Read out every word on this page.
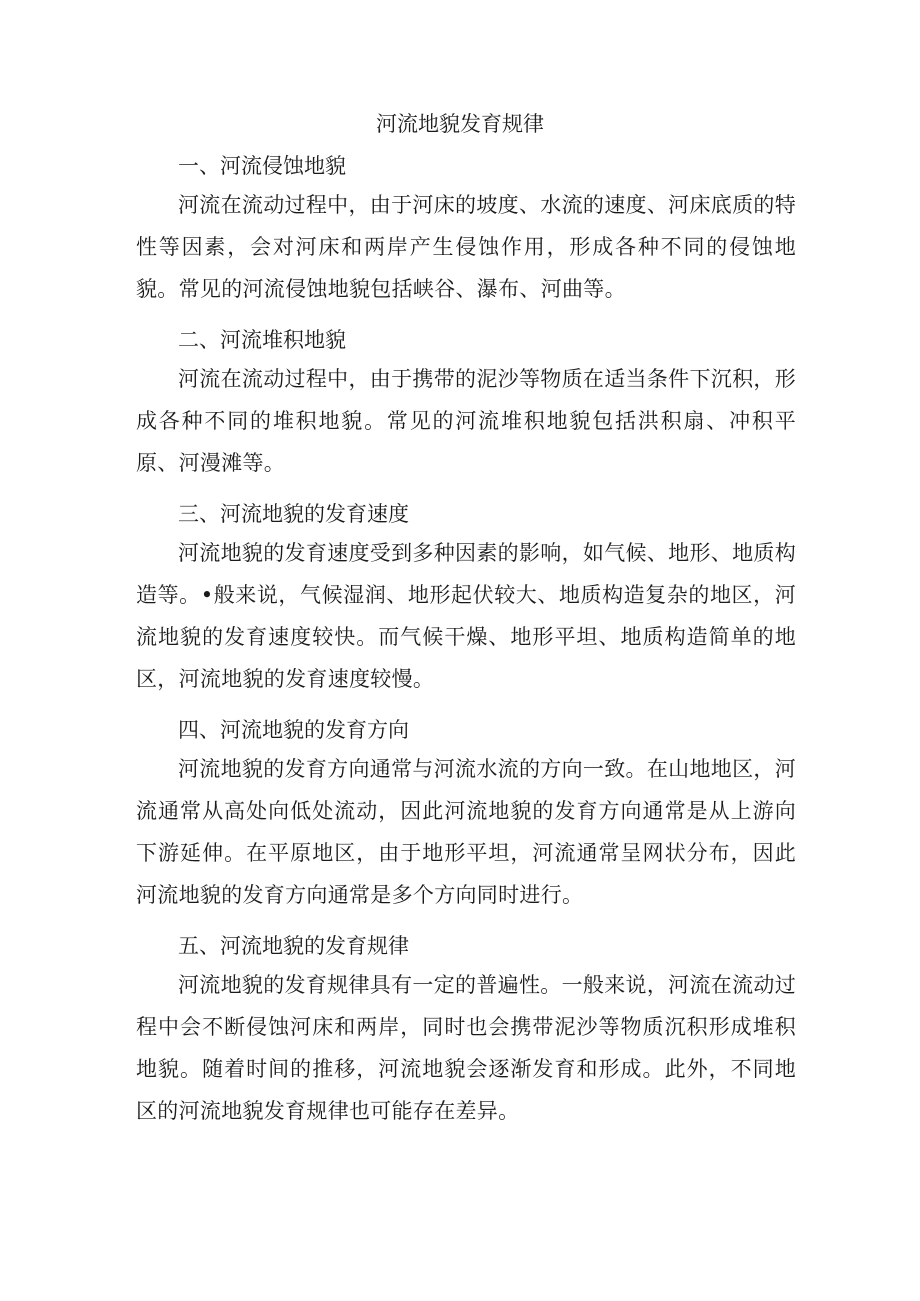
河流地貌发育规律
一、河流侵蚀地貌

河流在流动过程中，由于河床的坡度、水流的速度、河床底质的特性等因素，会对河床和两岸产生侵蚀作用，形成各种不同的侵蚀地貌。常见的河流侵蚀地貌包括峡谷、瀑布、河曲等。

二、河流堆积地貌

河流在流动过程中，由于携带的泥沙等物质在适当条件下沉积，形成各种不同的堆积地貌。常见的河流堆积地貌包括洪积扇、冲积平原、河漫滩等。

三、河流地貌的发育速度

河流地貌的发育速度受到多种因素的影响，如气候、地形、地质构造等。•般来说，气候湿润、地形起伏较大、地质构造复杂的地区，河流地貌的发育速度较快。而气候干燥、地形平坦、地质构造简单的地区，河流地貌的发育速度较慢。

四、河流地貌的发育方向

河流地貌的发育方向通常与河流水流的方向一致。在山地地区，河流通常从高处向低处流动，因此河流地貌的发育方向通常是从上游向下游延伸。在平原地区，由于地形平坦，河流通常呈网状分布，因此河流地貌的发育方向通常是多个方向同时进行。

五、河流地貌的发育规律

河流地貌的发育规律具有一定的普遍性。一般来说，河流在流动过程中会不断侵蚀河床和两岸，同时也会携带泥沙等物质沉积形成堆积地貌。随着时间的推移，河流地貌会逐渐发育和形成。此外，不同地区的河流地貌发育规律也可能存在差异。
